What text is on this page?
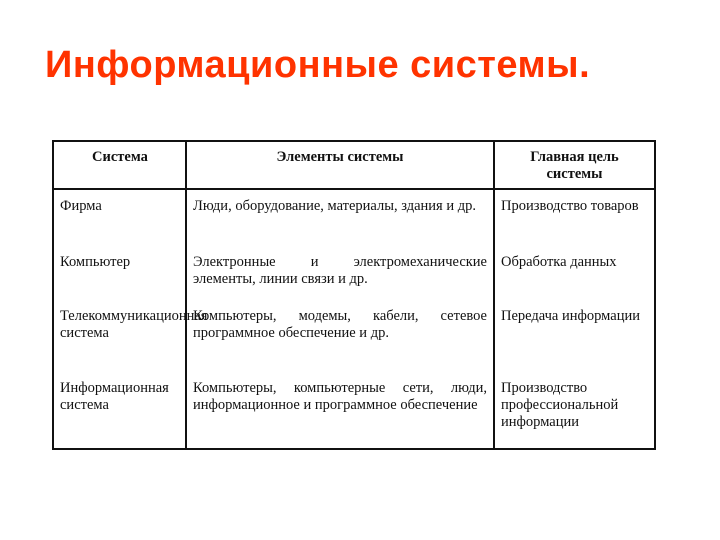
Информационные системы.
Система	Элементы системы	Главная цель системы
Фирма	Люди, оборудование, материалы, здания и др.	Производство товаров
Компьютер	Электронные и электромеханические элементы, линии связи и др.	Обработка данных
Телекоммуникационная система	Компьютеры, модемы, кабели, сетевое программное обеспечение и др.	Передача информации
Информационная система	Компьютеры, компьютерные сети, люди, информационное и программное обеспечение	Производство профессиональной информации
